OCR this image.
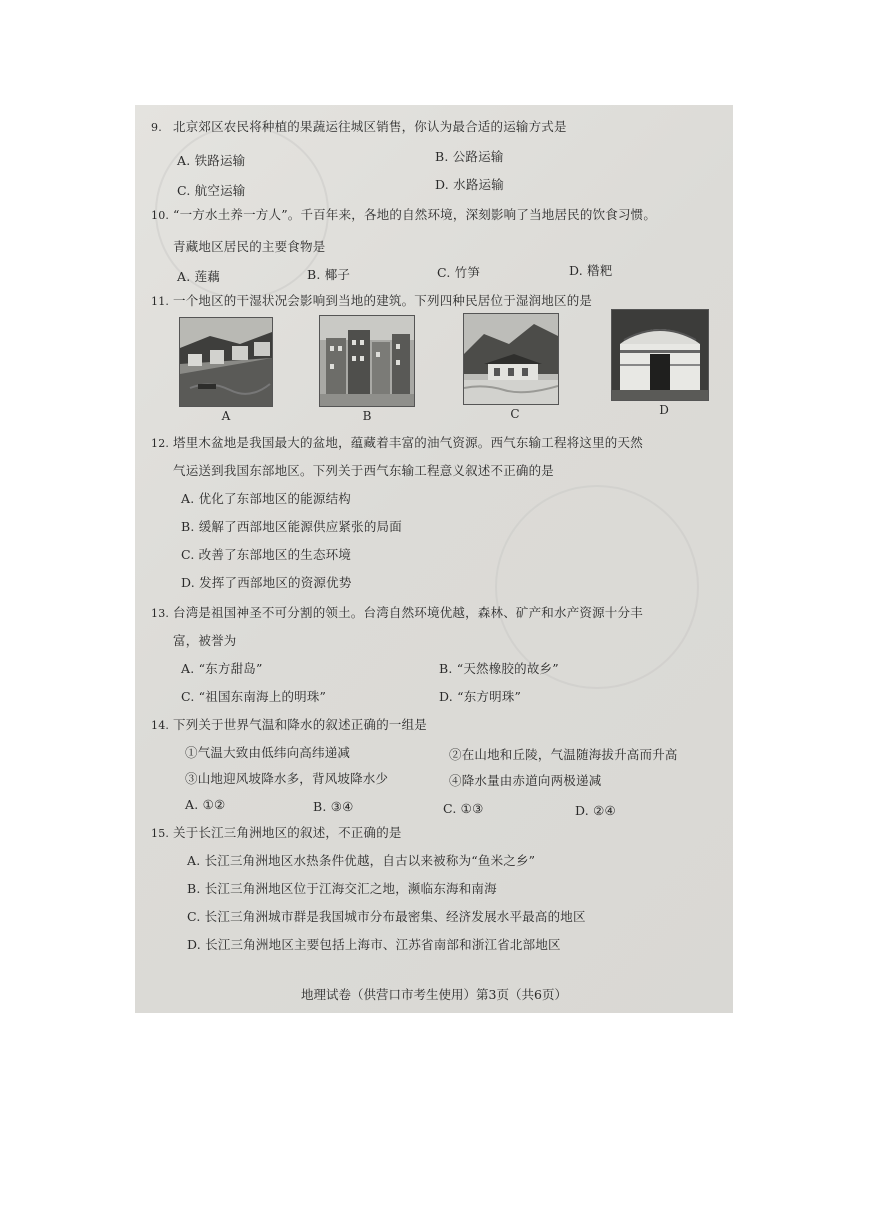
9. 北京郊区农民将种植的果蔬运往城区销售，你认为最合适的运输方式是
A. 铁路运输	B. 公路运输
C. 航空运输	D. 水路运输
10. “一方水土养一方人”。千百年来，各地的自然环境，深刻影响了当地居民的饮食习惯。
青藏地区居民的主要食物是
A. 莲藕	B. 椰子	C. 竹笋	D. 糌粑
11. 一个地区的干湿状况会影响到当地的建筑。下列四种民居位于湿润地区的是
A	B	C	D
12. 塔里木盆地是我国最大的盆地，蕴藏着丰富的油气资源。西气东输工程将这里的天然
气运送到我国东部地区。下列关于西气东输工程意义叙述不正确的是
A. 优化了东部地区的能源结构
B. 缓解了西部地区能源供应紧张的局面
C. 改善了东部地区的生态环境
D. 发挥了西部地区的资源优势
13. 台湾是祖国神圣不可分割的领土。台湾自然环境优越，森林、矿产和水产资源十分丰
富，被誉为
A. “东方甜岛”	B. “天然橡胶的故乡”
C. “祖国东南海上的明珠”	D. “东方明珠”
14. 下列关于世界气温和降水的叙述正确的一组是
①气温大致由低纬向高纬递减	②在山地和丘陵，气温随海拔升高而升高
③山地迎风坡降水多，背风坡降水少	④降水量由赤道向两极递减
A. ①②	B. ③④	C. ①③	D. ②④
15. 关于长江三角洲地区的叙述，不正确的是
A. 长江三角洲地区水热条件优越，自古以来被称为“鱼米之乡”
B. 长江三角洲地区位于江海交汇之地，濒临东海和南海
C. 长江三角洲城市群是我国城市分布最密集、经济发展水平最高的地区
D. 长江三角洲地区主要包括上海市、江苏省南部和浙江省北部地区
地理试卷（供营口市考生使用）第3页（共6页）
